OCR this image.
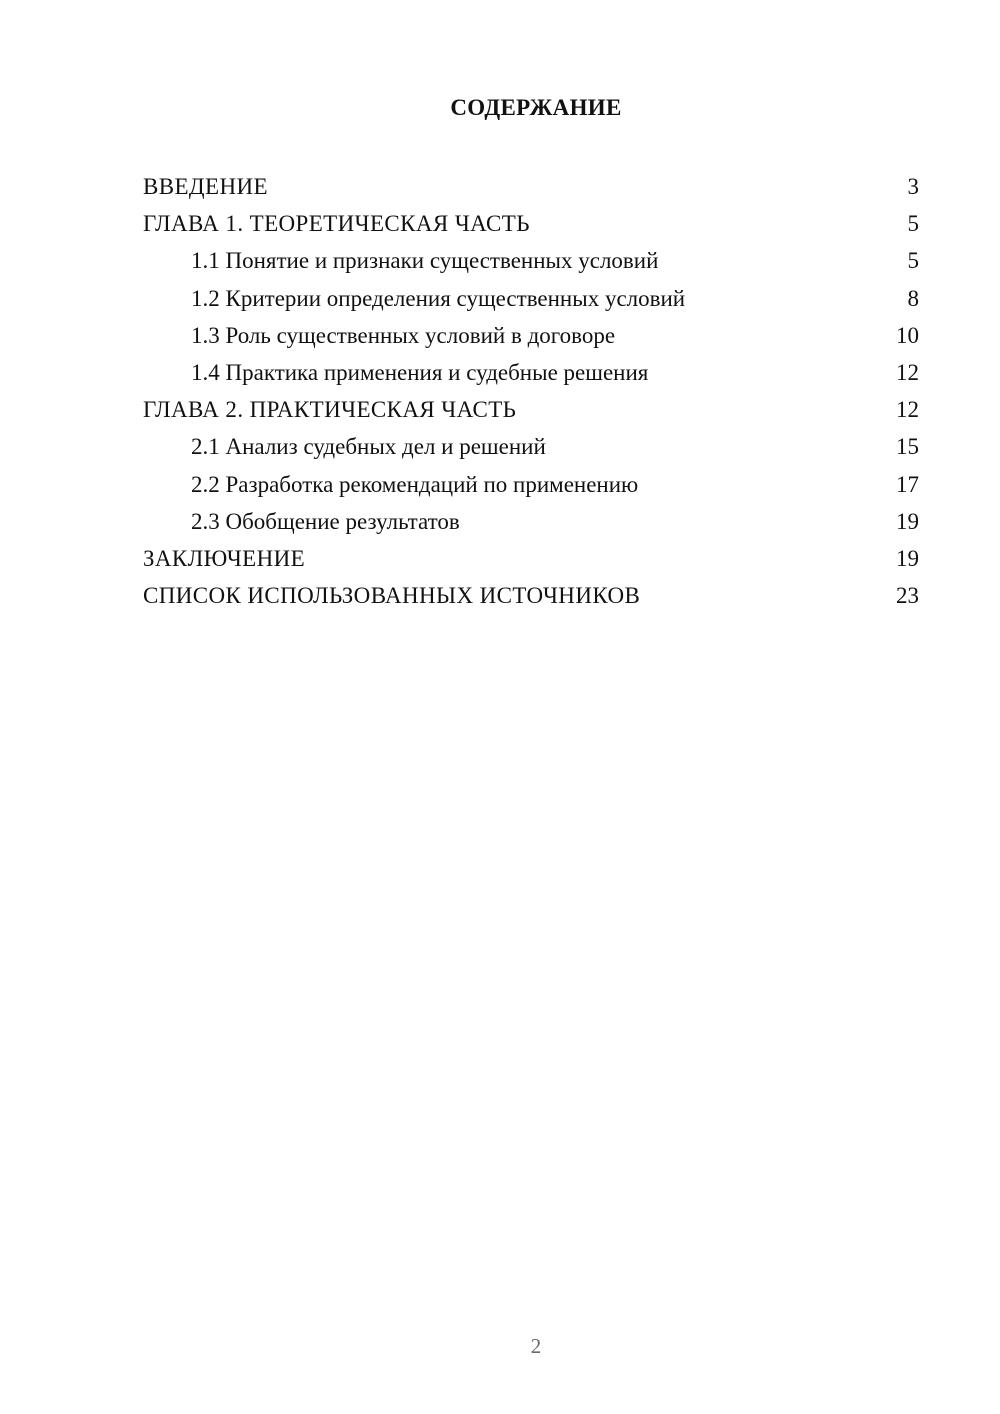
СОДЕРЖАНИЕ
ВВЕДЕНИЕ	3
ГЛАВА 1. ТЕОРЕТИЧЕСКАЯ ЧАСТЬ	5
1.1 Понятие и признаки существенных условий	5
1.2 Критерии определения существенных условий	8
1.3 Роль существенных условий в договоре	10
1.4 Практика применения и судебные решения	12
ГЛАВА 2. ПРАКТИЧЕСКАЯ ЧАСТЬ	12
2.1 Анализ судебных дел и решений	15
2.2 Разработка рекомендаций по применению	17
2.3 Обобщение результатов	19
ЗАКЛЮЧЕНИЕ	19
СПИСОК ИСПОЛЬЗОВАННЫХ ИСТОЧНИКОВ	23
2
